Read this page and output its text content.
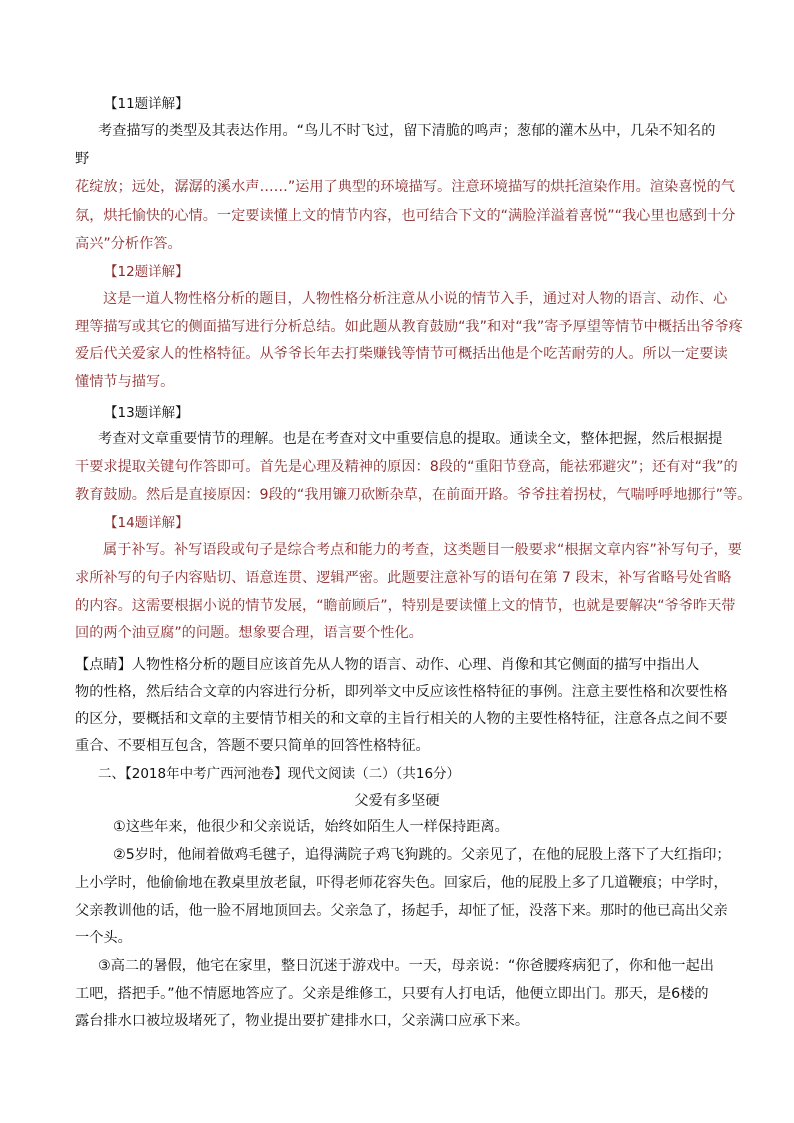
【11题详解】
考查描写的类型及其表达作用。“鸟儿不时飞过，留下清脆的鸣声；葱郁的灌木丛中，几朵不知名的
野
花绽放；远处，潺潺的溪水声……”运用了典型的环境描写。注意环境描写的烘托渲染作用。渲染喜悦的气
氛，烘托愉快的心情。一定要读懂上文的情节内容，也可结合下文的“满脸洋溢着喜悦”“我心里也感到十分
高兴”分析作答。
【12题详解】
这是一道人物性格分析的题目，人物性格分析注意从小说的情节入手，通过对人物的语言、动作、心
理等描写或其它的侧面描写进行分析总结。如此题从教育鼓励“我”和对“我”寄予厚望等情节中概括出爷爷疼
爱后代关爱家人的性格特征。从爷爷长年去打柴赚钱等情节可概括出他是个吃苦耐劳的人。所以一定要读
懂情节与描写。
【13题详解】
考查对文章重要情节的理解。也是在考查对文中重要信息的提取。通读全文，整体把握，然后根据提
干要求提取关键句作答即可。首先是心理及精神的原因：8段的“重阳节登高，能祛邪避灾”；还有对“我”的
教育鼓励。然后是直接原因：9段的“我用镰刀砍断杂草，在前面开路。爷爷拄着拐杖，气喘呼呼地挪行”等。
【14题详解】
属于补写。补写语段或句子是综合考点和能力的考查，这类题目一般要求“根据文章内容”补写句子，要
求所补写的句子内容贴切、语意连贯、逻辑严密。此题要注意补写的语句在第 7 段末，补写省略号处省略
的内容。这需要根据小说的情节发展，“瞻前顾后”，特别是要读懂上文的情节，也就是要解决“爷爷昨天带
回的两个油豆腐”的问题。想象要合理，语言要个性化。
【点睛】人物性格分析的题目应该首先从人物的语言、动作、心理、肖像和其它侧面的描写中指出人
物的性格，然后结合文章的内容进行分析，即列举文中反应该性格特征的事例。注意主要性格和次要性格
的区分，要概括和文章的主要情节相关的和文章的主旨行相关的人物的主要性格特征，注意各点之间不要
重合、不要相互包含，答题不要只简单的回答性格特征。
二、【2018年中考广西河池卷】现代文阅读（二）（共16分）
父爱有多坚硬
①这些年来，他很少和父亲说话，始终如陌生人一样保持距离。
②5岁时，他闹着做鸡毛毽子，追得满院子鸡飞狗跳的。父亲见了，在他的屁股上落下了大红指印；
上小学时，他偷偷地在教桌里放老鼠，吓得老师花容失色。回家后，他的屁股上多了几道鞭痕；中学时，
父亲教训他的话，他一脸不屑地顶回去。父亲急了，扬起手，却怔了怔，没落下来。那时的他已高出父亲
一个头。
③高二的暑假，他宅在家里，整日沉迷于游戏中。一天，母亲说：“你爸腰疼病犯了，你和他一起出
工吧，搭把手。”他不情愿地答应了。父亲是维修工，只要有人打电话，他便立即出门。那天，是6楼的
露台排水口被垃圾堵死了，物业提出要扩建排水口，父亲满口应承下来。
